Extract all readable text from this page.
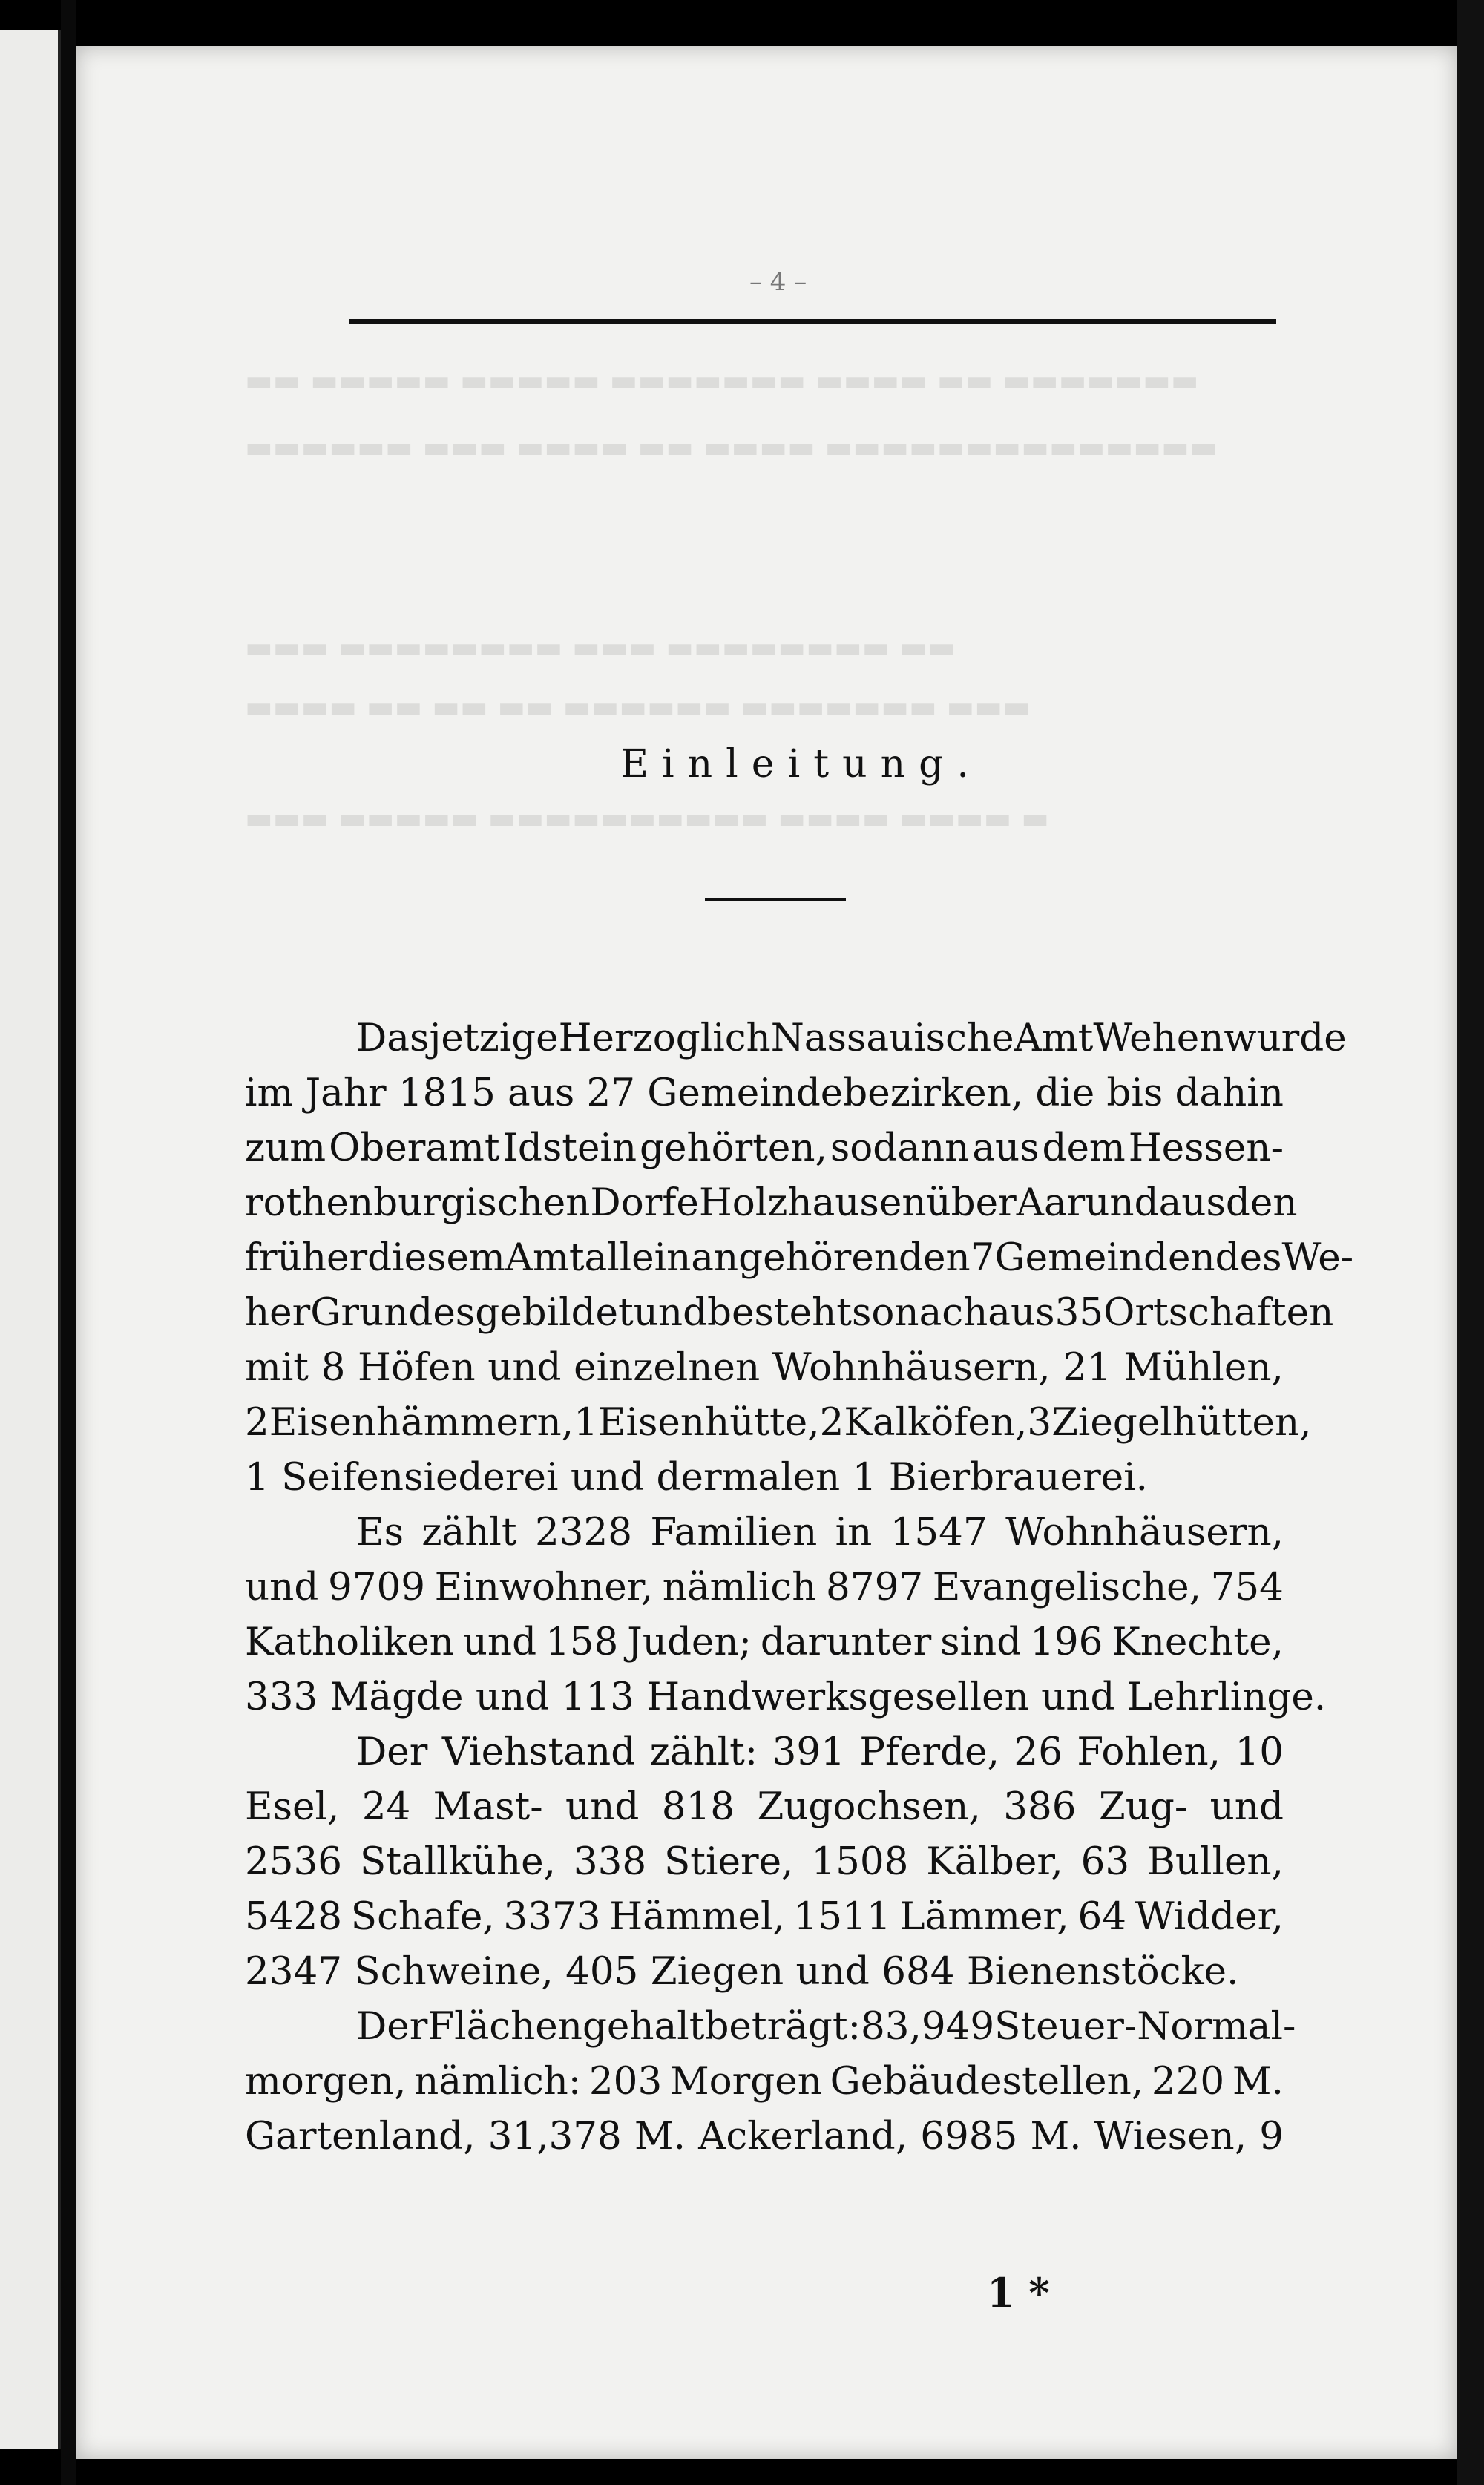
▬▬ ▬▬▬▬▬ ▬▬▬▬▬ ▬▬▬▬▬▬▬ ▬▬▬▬ ▬▬ ▬▬▬▬▬▬▬
▬▬▬▬▬▬ ▬▬▬ ▬▬▬▬ ▬▬ ▬▬▬▬ ▬▬▬▬▬▬▬▬▬▬▬▬▬▬
▬▬▬ ▬▬▬▬▬▬▬▬ ▬▬▬ ▬▬▬▬▬▬▬▬ ▬▬
▬▬▬▬ ▬▬ ▬▬ ▬▬ ▬▬▬▬▬▬ ▬▬▬▬▬▬▬ ▬▬▬
▬▬▬ ▬▬▬▬▬ ▬▬▬▬▬▬▬▬▬▬ ▬▬▬▬ ▬▬▬▬ ▬
– 4 –
Einleitung.
Das jetzige Herzoglich Nassauische Amt Wehen wurde
im Jahr 1815 aus 27 Gemeindebezirken, die bis dahin
zum Oberamt Idstein gehörten, sodann aus dem Hessen-
rothenburgischen Dorfe Holzhausen über Aar und aus den
früher diesem Amt allein angehörenden 7 Gemeinden des We-
her Grundes gebildet und besteht sonach aus 35 Ortschaften
mit 8 Höfen und einzelnen Wohnhäusern, 21 Mühlen,
2 Eisenhämmern, 1 Eisenhütte, 2 Kalköfen, 3 Ziegelhütten,
1 Seifensiederei und dermalen 1 Bierbrauerei.
Es zählt 2328 Familien in 1547 Wohnhäusern,
und 9709 Einwohner, nämlich 8797 Evangelische, 754
Katholiken und 158 Juden; darunter sind 196 Knechte,
333 Mägde und 113 Handwerksgesellen und Lehrlinge.
Der Viehstand zählt: 391 Pferde, 26 Fohlen, 10
Esel, 24 Mast- und 818 Zugochsen, 386 Zug- und
2536 Stallkühe, 338 Stiere, 1508 Kälber, 63 Bullen,
5428 Schafe, 3373 Hämmel, 1511 Lämmer, 64 Widder,
2347 Schweine, 405 Ziegen und 684 Bienenstöcke.
Der Flächengehalt beträgt: 83,949 Steuer-Normal-
morgen, nämlich: 203 Morgen Gebäudestellen, 220 M.
Gartenland, 31,378 M. Ackerland, 6985 M. Wiesen, 9
1 *
